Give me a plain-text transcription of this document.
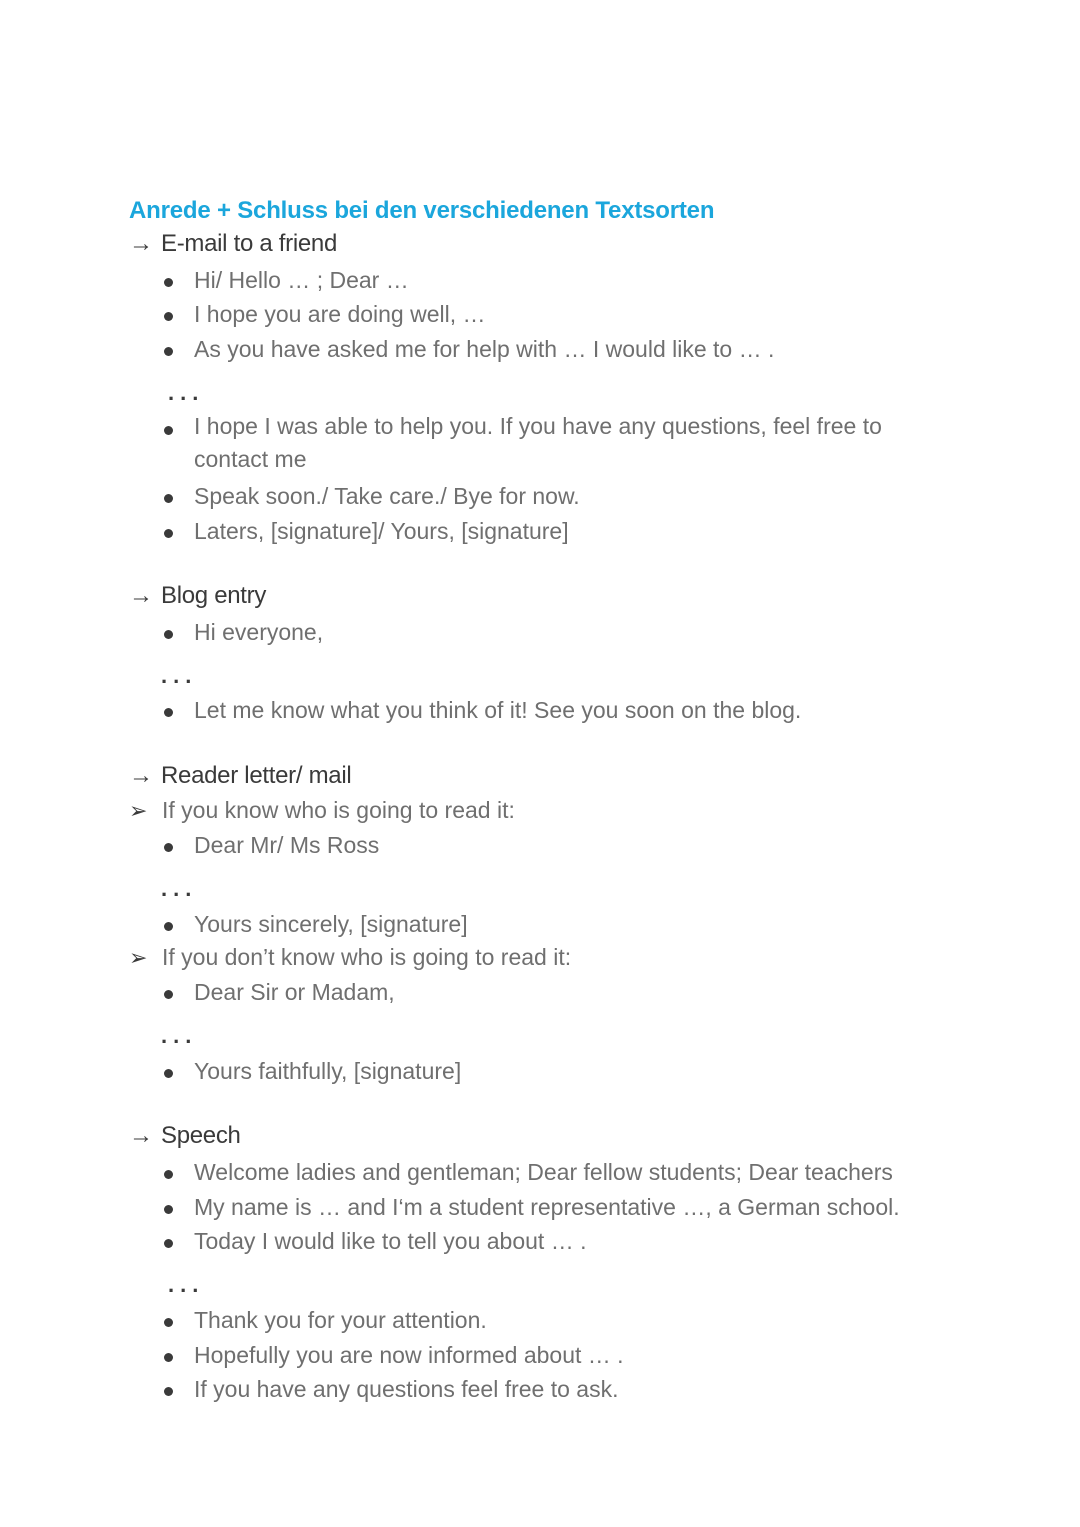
Anrede + Schluss bei den verschiedenen Textsorten
→ E-mail to a friend
Hi/ Hello … ; Dear …
I hope you are doing well, …
As you have asked me for help with … I would like to … .
...
I hope I was able to help you. If you have any questions, feel free to contact me
Speak soon./ Take care./ Bye for now.
Laters, [signature]/ Yours, [signature]
→ Blog entry
Hi everyone,
...
Let me know what you think of it! See you soon on the blog.
→ Reader letter/ mail
➢ If you know who is going to read it:
Dear Mr/ Ms Ross
...
Yours sincerely, [signature]
➢ If you don’t know who is going to read it:
Dear Sir or Madam,
...
Yours faithfully, [signature]
→ Speech
Welcome ladies and gentleman; Dear fellow students; Dear teachers
My name is … and I‘m a student representative …, a German school.
Today I would like to tell you about … .
...
Thank you for your attention.
Hopefully you are now informed about … .
If you have any questions feel free to ask.
